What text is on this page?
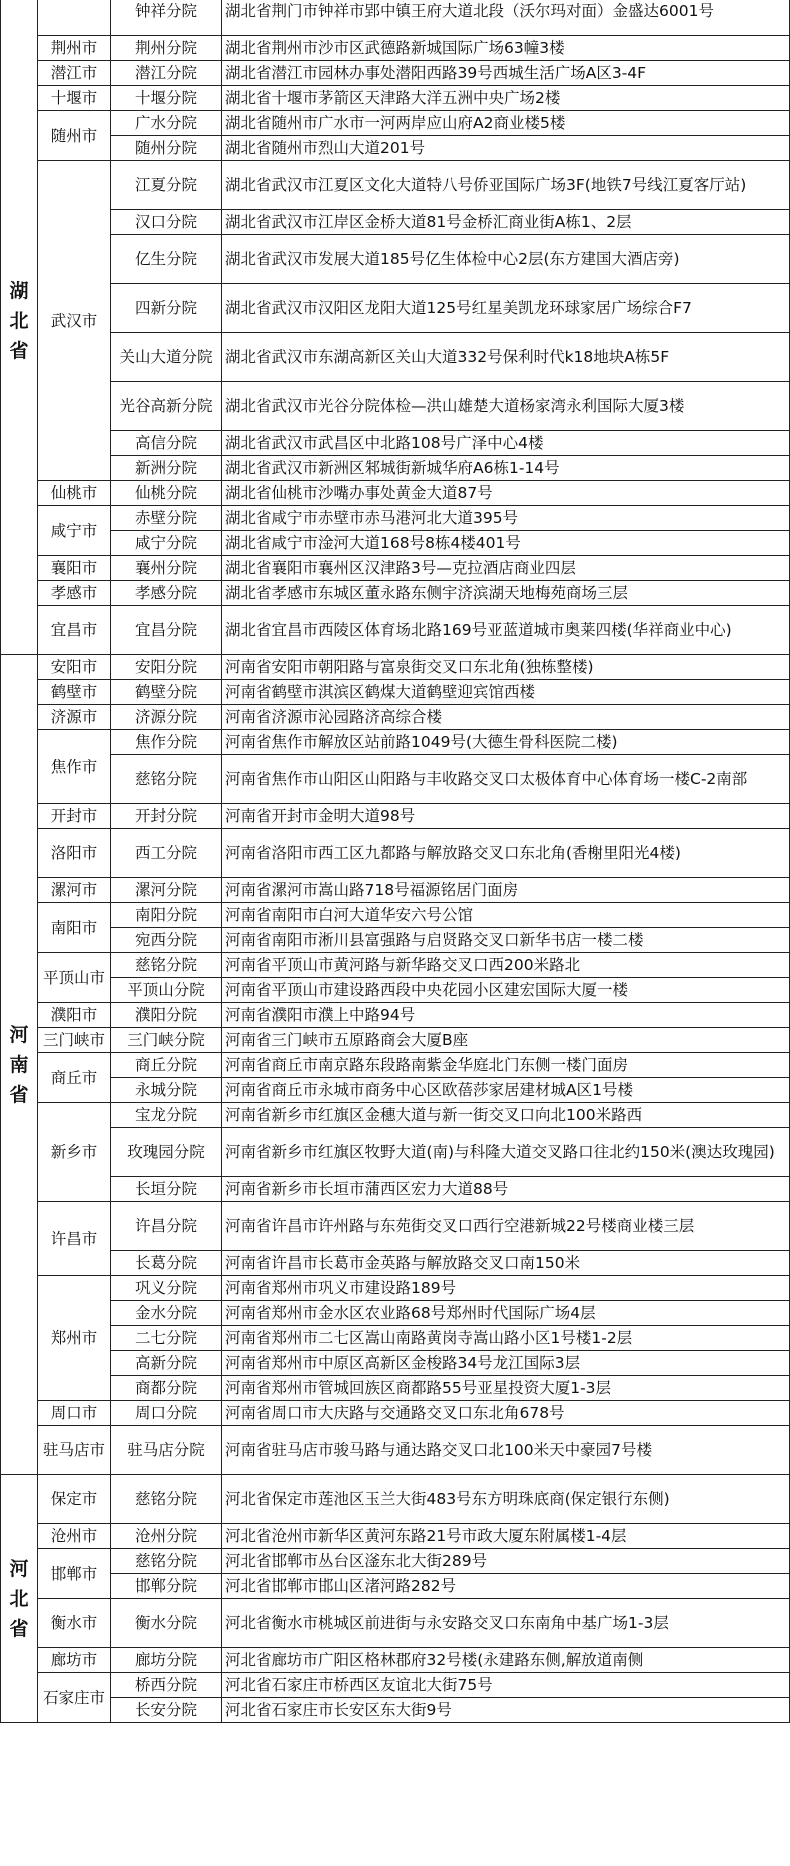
湖
北
省		钟祥分院	湖北省荆门市钟祥市郢中镇王府大道北段（沃尔玛对面）金盛达6001号
	荆州市	荆州分院	湖北省荆州市沙市区武德路新城国际广场63幢3楼
	潜江市	潜江分院	湖北省潜江市园林办事处潜阳西路39号西城生活广场A区3-4F
	十堰市	十堰分院	湖北省十堰市茅箭区天津路大洋五洲中央广场2楼
	随州市	广水分院	湖北省随州市广水市一河两岸应山府A2商业楼5楼
		随州分院	湖北省随州市烈山大道201号
	武汉市	江夏分院	湖北省武汉市江夏区文化大道特八号侨亚国际广场3F(地铁7号线江夏客厅站)
		汉口分院	湖北省武汉市江岸区金桥大道81号金桥汇商业街A栋1、2层
		亿生分院	湖北省武汉市发展大道185号亿生体检中心2层(东方建国大酒店旁)
		四新分院	湖北省武汉市汉阳区龙阳大道125号红星美凯龙环球家居广场综合F7
		关山大道分院	湖北省武汉市东湖高新区关山大道332号保利时代k18地块A栋5F
		光谷高新分院	湖北省武汉市光谷分院体检—洪山雄楚大道杨家湾永利国际大厦3楼
		高信分院	湖北省武汉市武昌区中北路108号广泽中心4楼
		新洲分院	湖北省武汉市新洲区邾城街新城华府A6栋1-14号
	仙桃市	仙桃分院	湖北省仙桃市沙嘴办事处黄金大道87号
	咸宁市	赤壁分院	湖北省咸宁市赤壁市赤马港河北大道395号
		咸宁分院	湖北省咸宁市淦河大道168号8栋4楼401号
	襄阳市	襄州分院	湖北省襄阳市襄州区汉津路3号—克拉酒店商业四层
	孝感市	孝感分院	湖北省孝感市东城区董永路东侧宇济滨湖天地梅苑商场三层
	宜昌市	宜昌分院	湖北省宜昌市西陵区体育场北路169号亚蓝道城市奥莱四楼(华祥商业中心)
河
南
省	安阳市	安阳分院	河南省安阳市朝阳路与富泉街交叉口东北角(独栋整楼)
	鹤壁市	鹤壁分院	河南省鹤壁市淇滨区鹤煤大道鹤壁迎宾馆西楼
	济源市	济源分院	河南省济源市沁园路济高综合楼
	焦作市	焦作分院	河南省焦作市解放区站前路1049号(大德生骨科医院二楼)
		慈铭分院	河南省焦作市山阳区山阳路与丰收路交叉口太极体育中心体育场一楼C-2南部
	开封市	开封分院	河南省开封市金明大道98号
	洛阳市	西工分院	河南省洛阳市西工区九都路与解放路交叉口东北角(香榭里阳光4楼)
	漯河市	漯河分院	河南省漯河市嵩山路718号福源铭居门面房
	南阳市	南阳分院	河南省南阳市白河大道华安六号公馆
		宛西分院	河南省南阳市淅川县富强路与启贤路交叉口新华书店一楼二楼
	平顶山市	慈铭分院	河南省平顶山市黄河路与新华路交叉口西200米路北
		平顶山分院	河南省平顶山市建设路西段中央花园小区建宏国际大厦一楼
	濮阳市	濮阳分院	河南省濮阳市濮上中路94号
	三门峡市	三门峡分院	河南省三门峡市五原路商会大厦B座
	商丘市	商丘分院	河南省商丘市南京路东段路南紫金华庭北门东侧一楼门面房
		永城分院	河南省商丘市永城市商务中心区欧蓓莎家居建材城A区1号楼
	新乡市	宝龙分院	河南省新乡市红旗区金穗大道与新一街交叉口向北100米路西
		玫瑰园分院	河南省新乡市红旗区牧野大道(南)与科隆大道交叉路口往北约150米(澳达玫瑰园)
		长垣分院	河南省新乡市长垣市蒲西区宏力大道88号
	许昌市	许昌分院	河南省许昌市许州路与东苑街交叉口西行空港新城22号楼商业楼三层
		长葛分院	河南省许昌市长葛市金英路与解放路交叉口南150米
	郑州市	巩义分院	河南省郑州市巩义市建设路189号
		金水分院	河南省郑州市金水区农业路68号郑州时代国际广场4层
		二七分院	河南省郑州市二七区嵩山南路黄岗寺嵩山路小区1号楼1-2层
		高新分院	河南省郑州市中原区高新区金梭路34号龙江国际3层
		商都分院	河南省郑州市管城回族区商都路55号亚星投资大厦1-3层
	周口市	周口分院	河南省周口市大庆路与交通路交叉口东北角678号
	驻马店市	驻马店分院	河南省驻马店市骏马路与通达路交叉口北100米天中豪园7号楼
河
北
省	保定市	慈铭分院	河北省保定市莲池区玉兰大街483号东方明珠底商(保定银行东侧)
	沧州市	沧州分院	河北省沧州市新华区黄河东路21号市政大厦东附属楼1-4层
	邯郸市	慈铭分院	河北省邯郸市丛台区滏东北大街289号
		邯郸分院	河北省邯郸市邯山区渚河路282号
	衡水市	衡水分院	河北省衡水市桃城区前进街与永安路交叉口东南角中基广场1-3层
	廊坊市	廊坊分院	河北省廊坊市广阳区格林郡府32号楼(永建路东侧,解放道南侧
	石家庄市	桥西分院	河北省石家庄市桥西区友谊北大街75号
		长安分院	河北省石家庄市长安区东大街9号
